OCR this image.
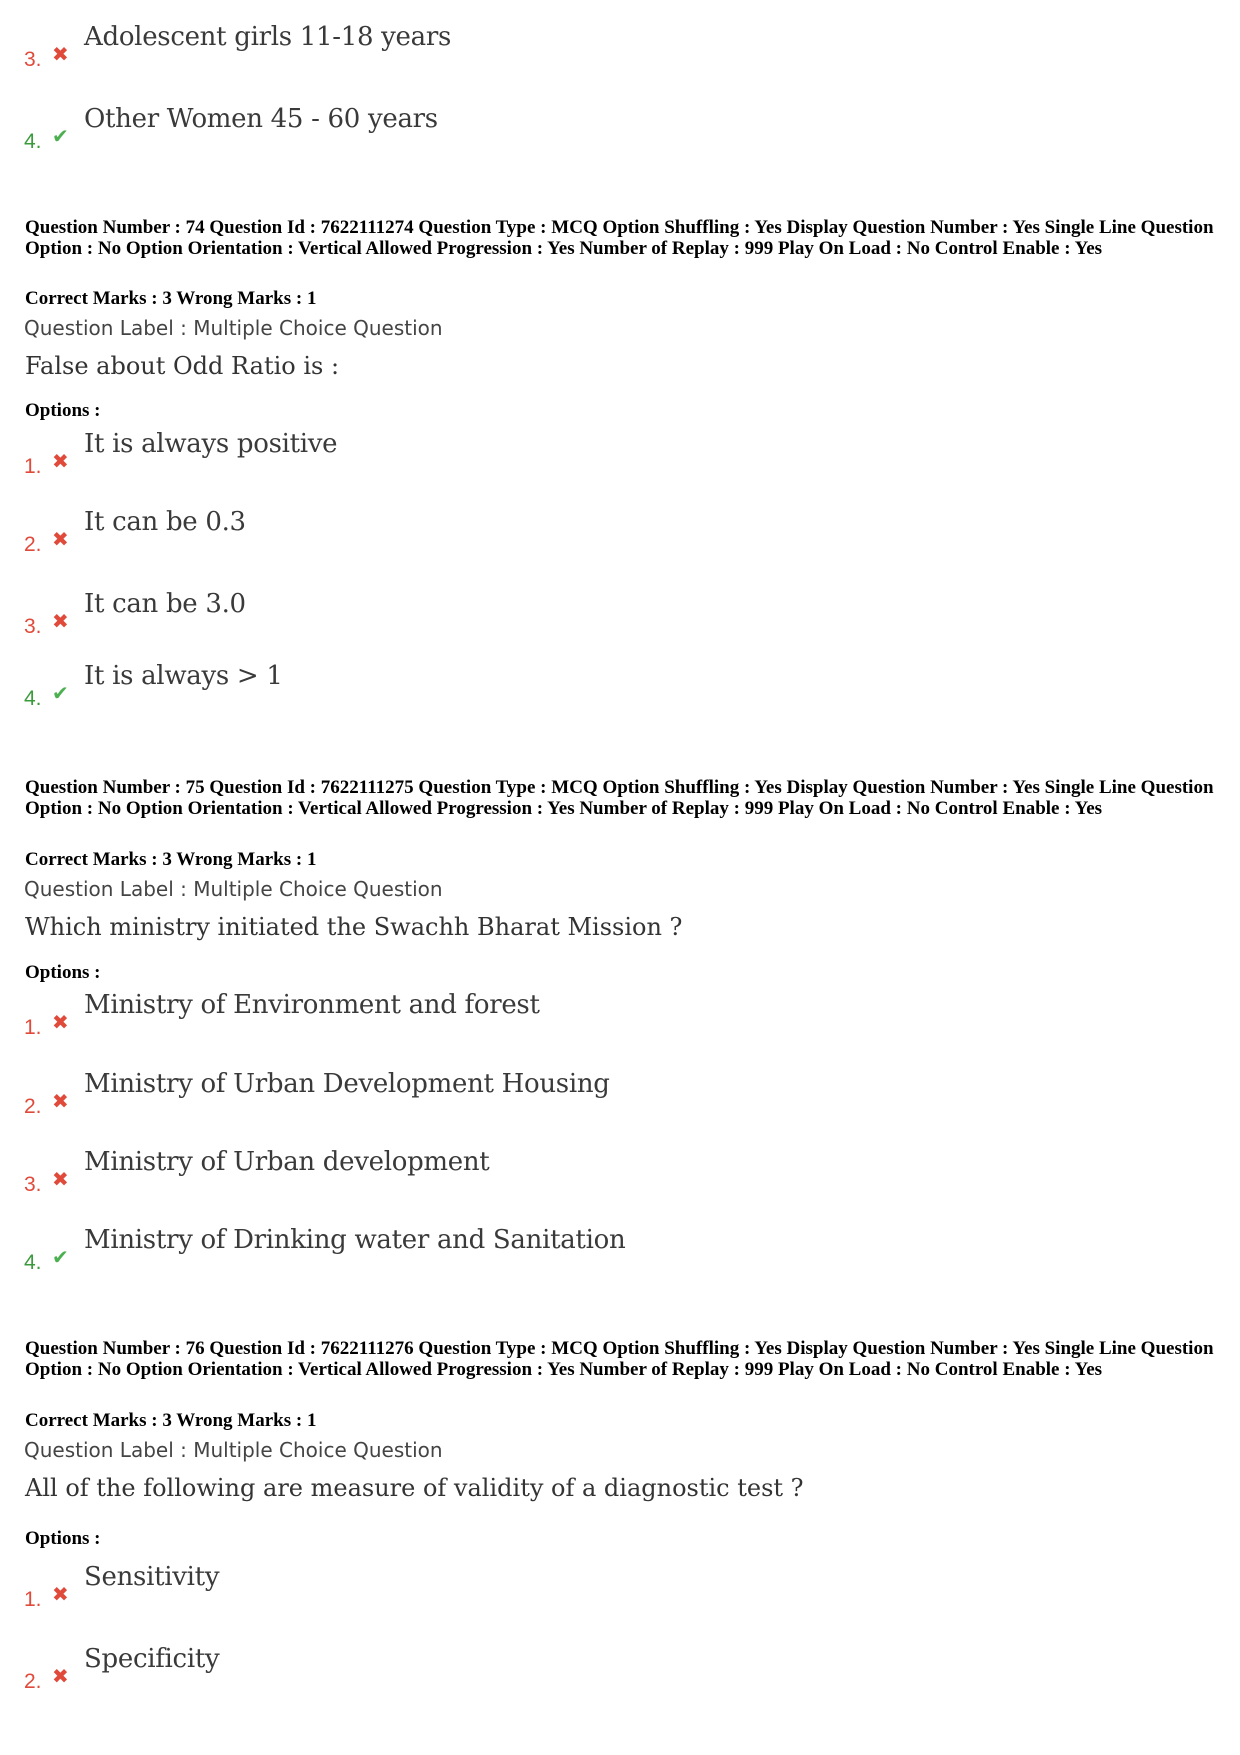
3. ✖
Adolescent girls 11-18 years
4. ✔
Other Women 45 - 60 years
Question Number : 74 Question Id : 7622111274 Question Type : MCQ Option Shuffling : Yes Display Question Number : Yes Single Line Question Option : No Option Orientation : Vertical Allowed Progression : Yes Number of Replay : 999 Play On Load : No Control Enable : Yes
Correct Marks : 3 Wrong Marks : 1
Question Label : Multiple Choice Question
False about Odd Ratio is :
Options :
1. ✖
It is always positive
2. ✖
It can be 0.3
3. ✖
It can be 3.0
4. ✔
It is always > 1
Question Number : 75 Question Id : 7622111275 Question Type : MCQ Option Shuffling : Yes Display Question Number : Yes Single Line Question Option : No Option Orientation : Vertical Allowed Progression : Yes Number of Replay : 999 Play On Load : No Control Enable : Yes
Correct Marks : 3 Wrong Marks : 1
Question Label : Multiple Choice Question
Which ministry initiated the Swachh Bharat Mission ?
Options :
1. ✖
Ministry of Environment and forest
2. ✖
Ministry of Urban Development Housing
3. ✖
Ministry of Urban development
4. ✔
Ministry of Drinking water and Sanitation
Question Number : 76 Question Id : 7622111276 Question Type : MCQ Option Shuffling : Yes Display Question Number : Yes Single Line Question Option : No Option Orientation : Vertical Allowed Progression : Yes Number of Replay : 999 Play On Load : No Control Enable : Yes
Correct Marks : 3 Wrong Marks : 1
Question Label : Multiple Choice Question
All of the following are measure of validity of a diagnostic test ?
Options :
1. ✖
Sensitivity
2. ✖
Specificity
